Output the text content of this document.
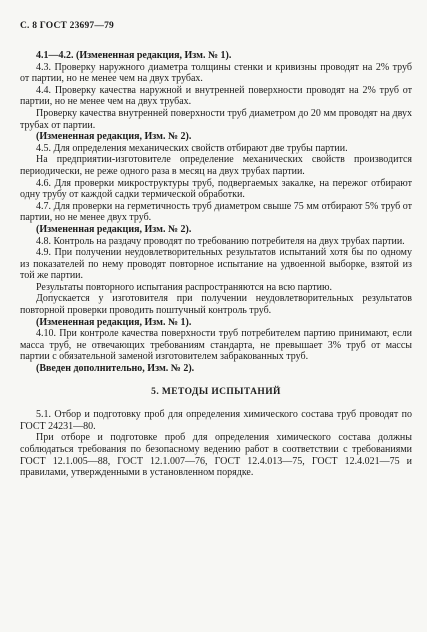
С. 8 ГОСТ 23697—79
4.1—4.2. (Измененная редакция, Изм. № 1).
4.3. Проверку наружного диаметра толщины стенки и кривизны проводят на 2% труб от партии, но не менее чем на двух трубах.
4.4. Проверку качества наружной и внутренней поверхности проводят на 2% труб от партии, но не менее чем на двух трубах.
Проверку качества внутренней поверхности труб диаметром до 20 мм проводят на двух трубах от партии.
(Измененная редакция, Изм. № 2).
4.5. Для определения механических свойств отбирают две трубы партии.
На предприятии-изготовителе определение механических свойств производится периодически, не реже одного раза в месяц на двух трубах партии.
4.6. Для проверки микроструктуры труб, подвергаемых закалке, на пережог отбирают одну трубу от каждой садки термической обработки.
4.7. Для проверки на герметичность труб диаметром свыше 75 мм отбирают 5% труб от партии, но не менее двух труб.
(Измененная редакция, Изм. № 2).
4.8. Контроль на раздачу проводят по требованию потребителя на двух трубах партии.
4.9. При получении неудовлетворительных результатов испытаний хотя бы по одному из показателей по нему проводят повторное испытание на удвоенной выборке, взятой из той же партии.
Результаты повторного испытания распространяются на всю партию.
Допускается у изготовителя при получении неудовлетворительных результатов повторной проверки проводить поштучный контроль труб.
(Измененная редакция, Изм. № 1).
4.10. При контроле качества поверхности труб потребителем партию принимают, если масса труб, не отвечающих требованиям стандарта, не превышает 3% труб от массы партии с обязательной заменой изготовителем забракованных труб.
(Введен дополнительно, Изм. № 2).
5. МЕТОДЫ ИСПЫТАНИЙ
5.1. Отбор и подготовку проб для определения химического состава труб проводят по ГОСТ 24231—80.
При отборе и подготовке проб для определения химического состава должны соблюдаться требования по безопасному ведению работ в соответствии с требованиями ГОСТ 12.1.005—88, ГОСТ 12.1.007—76, ГОСТ 12.4.013—75, ГОСТ 12.4.021—75 и правилами, утвержденными в установленном порядке.
